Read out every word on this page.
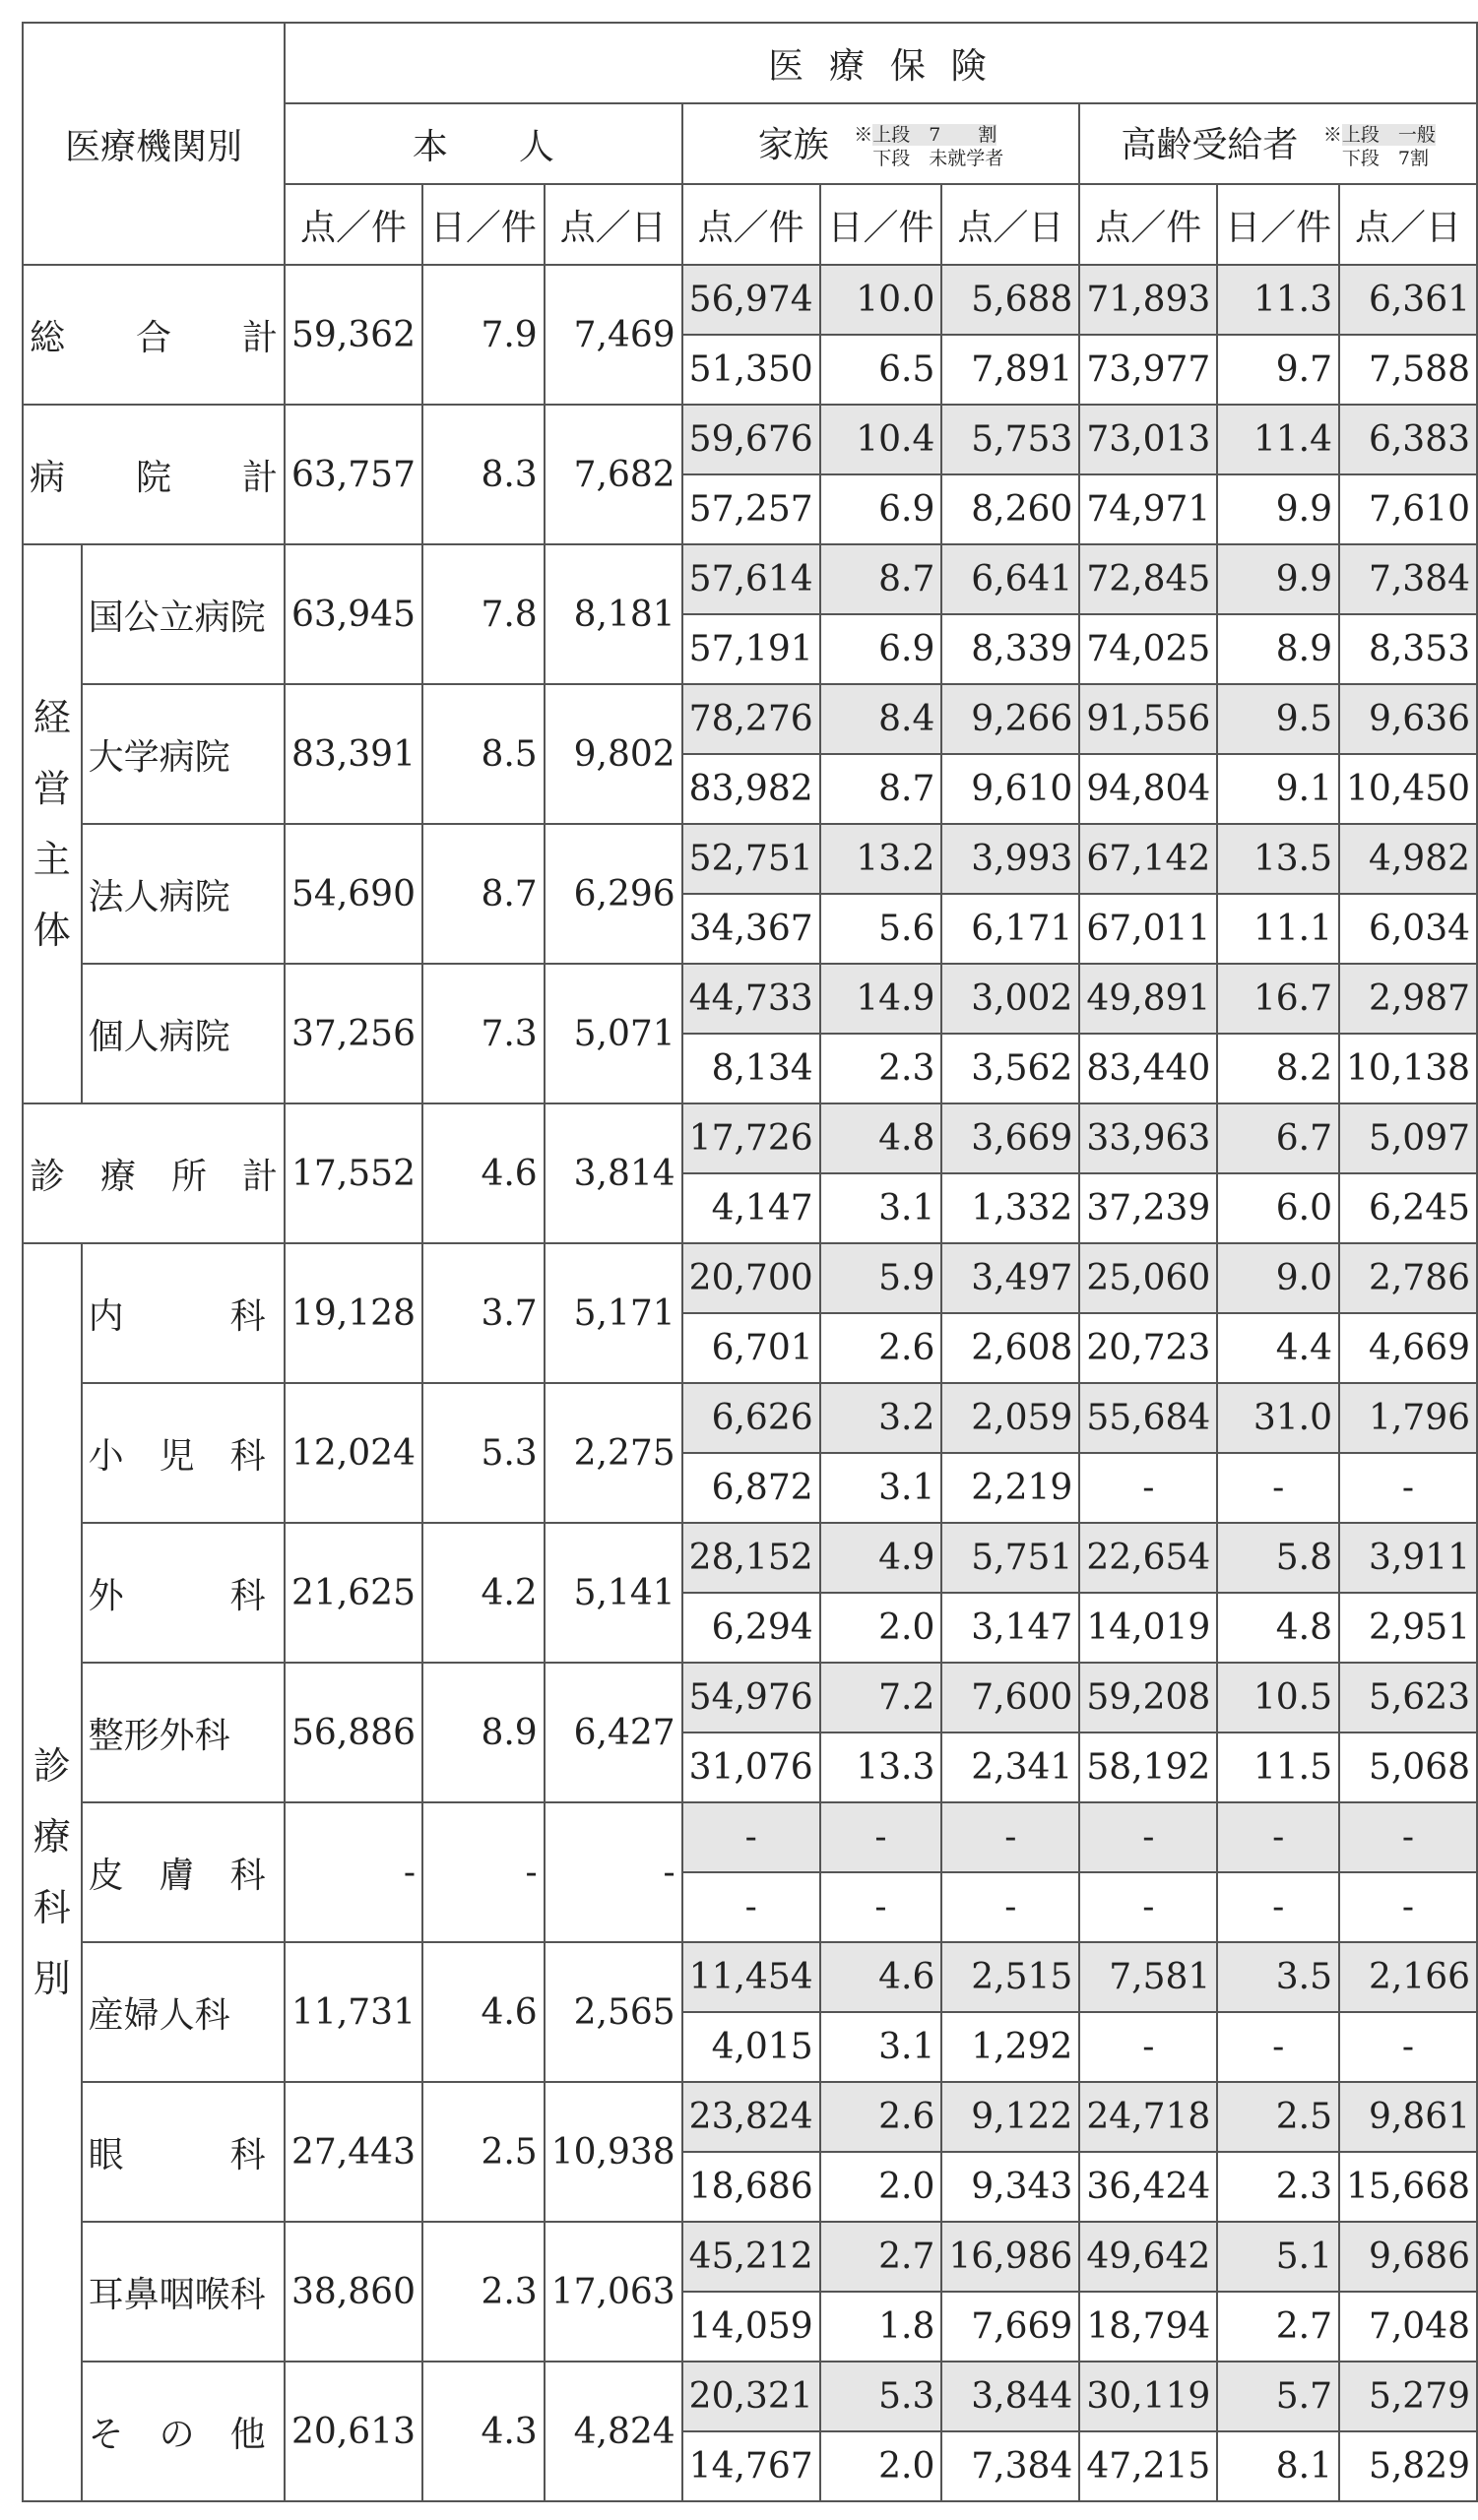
医療機関別		医 療 保 険								
		本　　人			家族 ※上段　7　　割
 下段　未就学者			高齢受給者 ※上段　一般
 下段　7割		
		点／件	日／件	点／日	点／件	日／件	点／日	点／件	日／件	点／日
総　　合　　計		59,362	7.9	7,469	56,974	10.0	5,688	71,893	11.3	6,361
					51,350	6.5	7,891	73,977	9.7	7,588
病　　院　　計		63,757	8.3	7,682	59,676	10.4	5,753	73,013	11.4	6,383
					57,257	6.9	8,260	74,971	9.9	7,610

経
営
主
体	国公立病院	63,945	7.8	8,181	57,614	8.7	6,641	72,845	9.9	7,384
					57,191	6.9	8,339	74,025	8.9	8,353
	大学病院	83,391	8.5	9,802	78,276	8.4	9,266	91,556	9.5	9,636
					83,982	8.7	9,610	94,804	9.1	10,450
	法人病院	54,690	8.7	6,296	52,751	13.2	3,993	67,142	13.5	4,982
					34,367	5.6	6,171	67,011	11.1	6,034
	個人病院	37,256	7.3	5,071	44,733	14.9	3,002	49,891	16.7	2,987
					8,134	2.3	3,562	83,440	8.2	10,138
診　療　所　計		17,552	4.6	3,814	17,726	4.8	3,669	33,963	6.7	5,097
					4,147	3.1	1,332	37,239	6.0	6,245

診
療
科
別	内　　　科	19,128	3.7	5,171	20,700	5.9	3,497	25,060	9.0	2,786
					6,701	2.6	2,608	20,723	4.4	4,669
	小　児　科	12,024	5.3	2,275	6,626	3.2	2,059	55,684	31.0	1,796
					6,872	3.1	2,219	-	-	-
	外　　　科	21,625	4.2	5,141	28,152	4.9	5,751	22,654	5.8	3,911
					6,294	2.0	3,147	14,019	4.8	2,951
	整形外科	56,886	8.9	6,427	54,976	7.2	7,600	59,208	10.5	5,623
					31,076	13.3	2,341	58,192	11.5	5,068
	皮　膚　科	-	-	-	-	-	-	-	-	-
					-	-	-	-	-	-
	産婦人科	11,731	4.6	2,565	11,454	4.6	2,515	7,581	3.5	2,166
					4,015	3.1	1,292	-	-	-
	眼　　　科	27,443	2.5	10,938	23,824	2.6	9,122	24,718	2.5	9,861
					18,686	2.0	9,343	36,424	2.3	15,668
	耳鼻咽喉科	38,860	2.3	17,063	45,212	2.7	16,986	49,642	5.1	9,686
					14,059	1.8	7,669	18,794	2.7	7,048
	そ　の　他	20,613	4.3	4,824	20,321	5.3	3,844	30,119	5.7	5,279
					14,767	2.0	7,384	47,215	8.1	5,829
